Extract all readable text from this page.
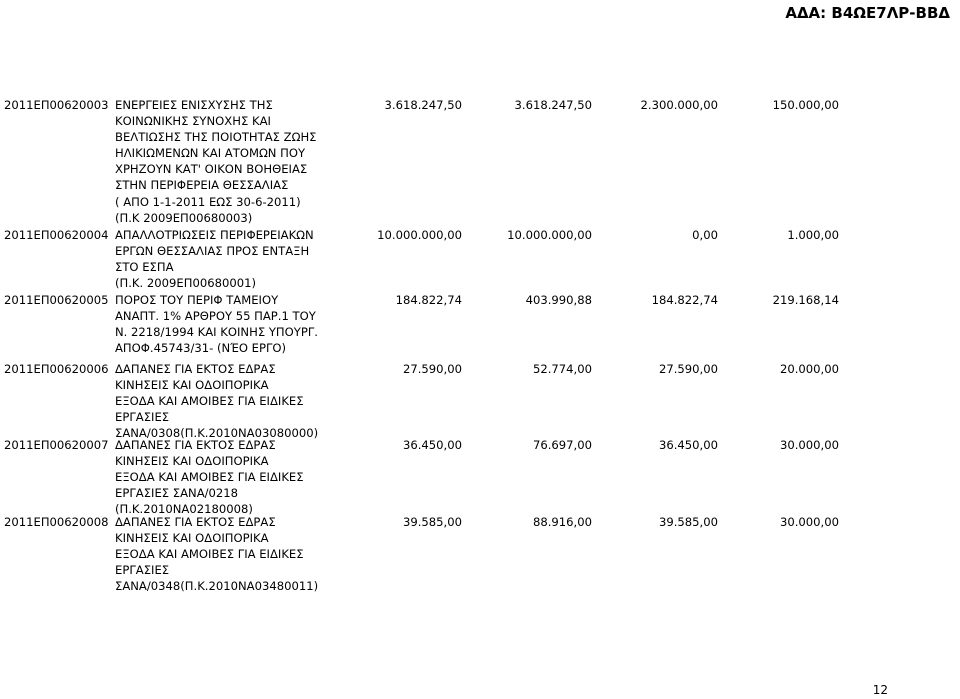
ΑΔΑ: Β4ΩΕ7ΛΡ-ΒΒΔ
2011ΕΠ00620003 ΕΝΕΡΓΕΙΕΣ ΕΝΙΣΧΥΣΗΣ ΤΗΣ
ΚΟΙΝΩΝΙΚΗΣ ΣΥΝΟΧΗΣ ΚΑΙ
ΒΕΛΤΙΩΣΗΣ ΤΗΣ ΠΟΙΟΤΗΤΑΣ ΖΩΗΣ
ΗΛΙΚΙΩΜΕΝΩΝ ΚΑΙ ΑΤΟΜΩΝ ΠΟΥ
ΧΡΗΖΟΥΝ ΚΑΤ' ΟΙΚΟΝ ΒΟΗΘΕΙΑΣ
ΣΤΗΝ ΠΕΡΙΦΕΡΕΙΑ ΘΕΣΣΑΛΙΑΣ
( ΑΠΟ 1-1-2011 ΕΩΣ 30-6-2011)
(Π.Κ 2009ΕΠ00680003)
3.618.247,50	3.618.247,50	2.300.000,00	150.000,00
2011ΕΠ00620004 ΑΠΑΛΛΟΤΡΙΩΣΕΙΣ ΠΕΡΙΦΕΡΕΙΑΚΩΝ
ΕΡΓΩΝ ΘΕΣΣΑΛΙΑΣ ΠΡΟΣ ΕΝΤΑΞΗ
ΣΤΟ ΕΣΠΑ
(Π.Κ. 2009ΕΠ00680001)
10.000.000,00	10.000.000,00	0,00	1.000,00
2011ΕΠ00620005 ΠΟΡΟΣ ΤΟΥ ΠΕΡΙΦ ΤΑΜΕΙΟΥ
ΑΝΑΠΤ. 1% ΑΡΘΡΟΥ 55 ΠΑΡ.1 ΤΟΥ
Ν. 2218/1994 ΚΑΙ ΚΟΙΝΗΣ ΥΠΟΥΡΓ.
ΑΠΟΦ.45743/31- (ΝΈΟ ΕΡΓΟ)
184.822,74	403.990,88	184.822,74	219.168,14
2011ΕΠ00620006 ΔΑΠΑΝΕΣ ΓΙΑ ΕΚΤΟΣ ΕΔΡΑΣ
ΚΙΝΗΣΕΙΣ ΚΑΙ ΟΔΟΙΠΟΡΙΚΑ
ΕΞΟΔΑ ΚΑΙ ΑΜΟΙΒΕΣ ΓΙΑ ΕΙΔΙΚΕΣ
ΕΡΓΑΣΙΕΣ
ΣΑΝΑ/0308(Π.Κ.2010ΝΑ03080000)
27.590,00	52.774,00	27.590,00	20.000,00
2011ΕΠ00620007 ΔΑΠΑΝΕΣ ΓΙΑ ΕΚΤΟΣ ΕΔΡΑΣ
ΚΙΝΗΣΕΙΣ ΚΑΙ ΟΔΟΙΠΟΡΙΚΑ
ΕΞΟΔΑ ΚΑΙ ΑΜΟΙΒΕΣ ΓΙΑ ΕΙΔΙΚΕΣ
ΕΡΓΑΣΙΕΣ ΣΑΝΑ/0218
(Π.Κ.2010ΝΑ02180008)
36.450,00	76.697,00	36.450,00	30.000,00
2011ΕΠ00620008 ΔΑΠΑΝΕΣ ΓΙΑ ΕΚΤΟΣ ΕΔΡΑΣ
ΚΙΝΗΣΕΙΣ ΚΑΙ ΟΔΟΙΠΟΡΙΚΑ
ΕΞΟΔΑ ΚΑΙ ΑΜΟΙΒΕΣ ΓΙΑ ΕΙΔΙΚΕΣ
ΕΡΓΑΣΙΕΣ
ΣΑΝΑ/0348(Π.Κ.2010ΝΑ03480011)
39.585,00	88.916,00	39.585,00	30.000,00
12
